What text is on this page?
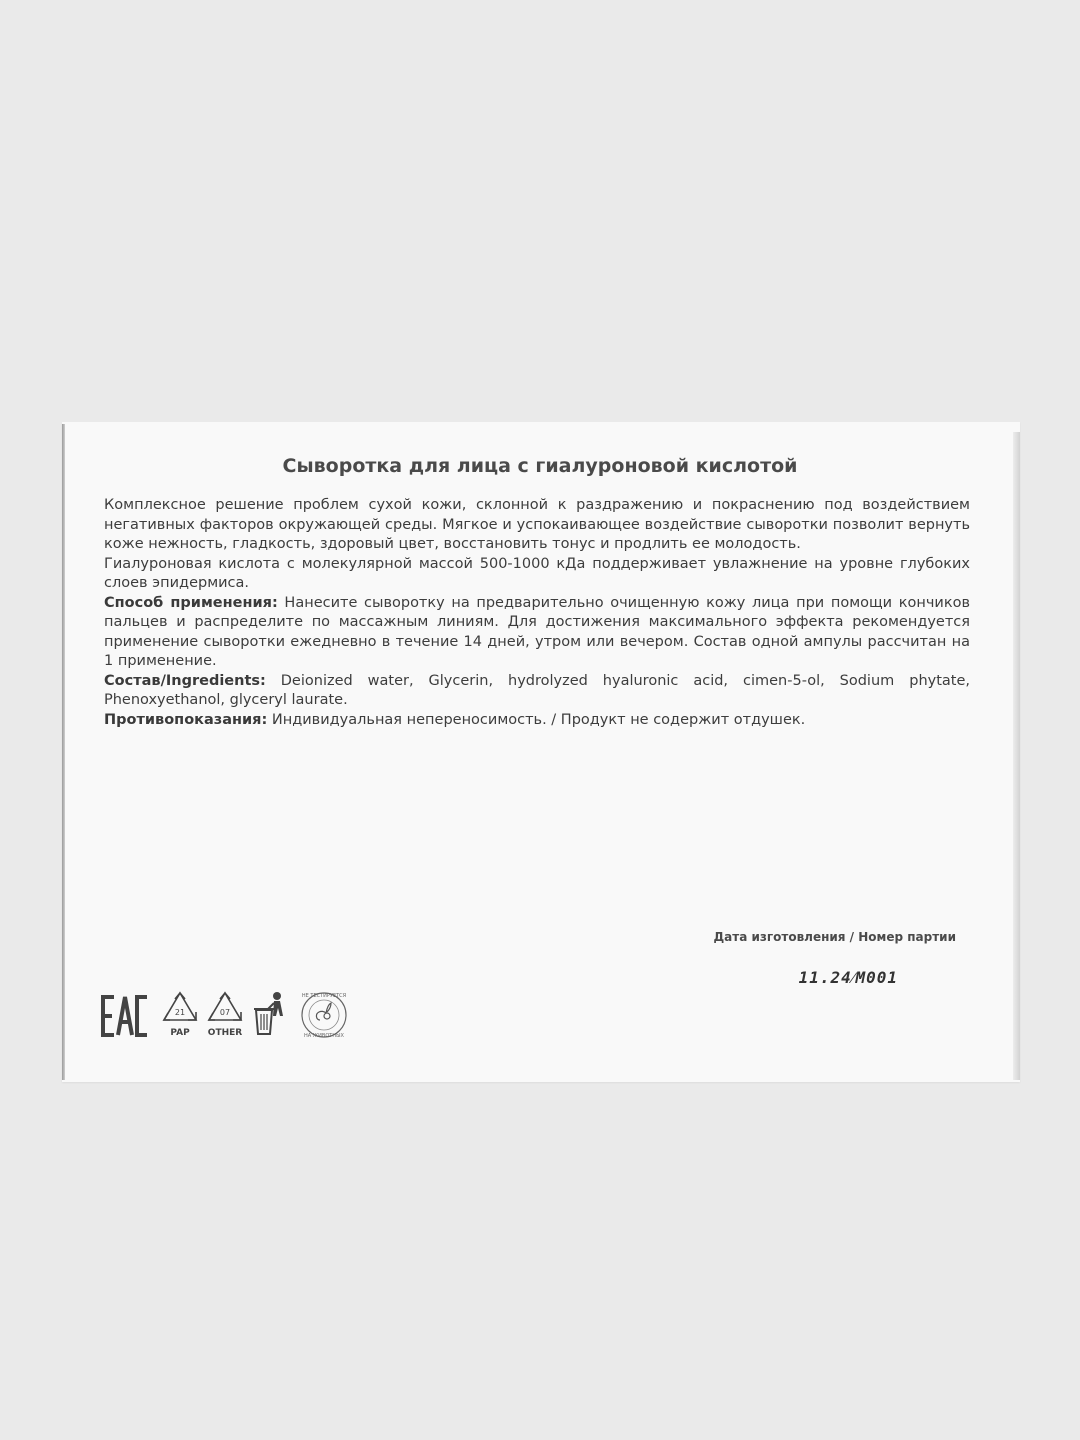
Сыворотка для лица с гиалуроновой кислотой

Комплексное решение проблем сухой кожи, склонной к раздражению и покраснению под воздействием негативных факторов окружающей среды. Мягкое и успокаивающее воздействие сыворотки позволит вернуть коже нежность, гладкость, здоровый цвет, восстановить тонус и продлить ее молодость.

Гиалуроновая кислота с молекулярной массой 500-1000 кДа поддерживает увлажнение на уровне глубоких слоев эпидермиса.

Способ применения: Нанесите сыворотку на предварительно очищенную кожу лица при помощи кончиков пальцев и распределите по массажным линиям. Для достижения максимального эффекта рекомендуется применение сыворотки ежедневно в течение 14 дней, утром или вечером. Состав одной ампулы рассчитан на 1 применение.

Состав/Ingredients: Deionized water, Glycerin, hydrolyzed hyaluronic acid, cimen-5-ol, Sodium phytate, Phenoxyethanol, glyceryl laurate.

Противопоказания: Индивидуальная непереносимость. / Продукт не содержит отдушек.

Дата изготовления / Номер партии
11.24⁄M001
21
PAP
07
OTHER
НЕ ТЕСТИРУЕТСЯ
НА ЖИВОТНЫХ
